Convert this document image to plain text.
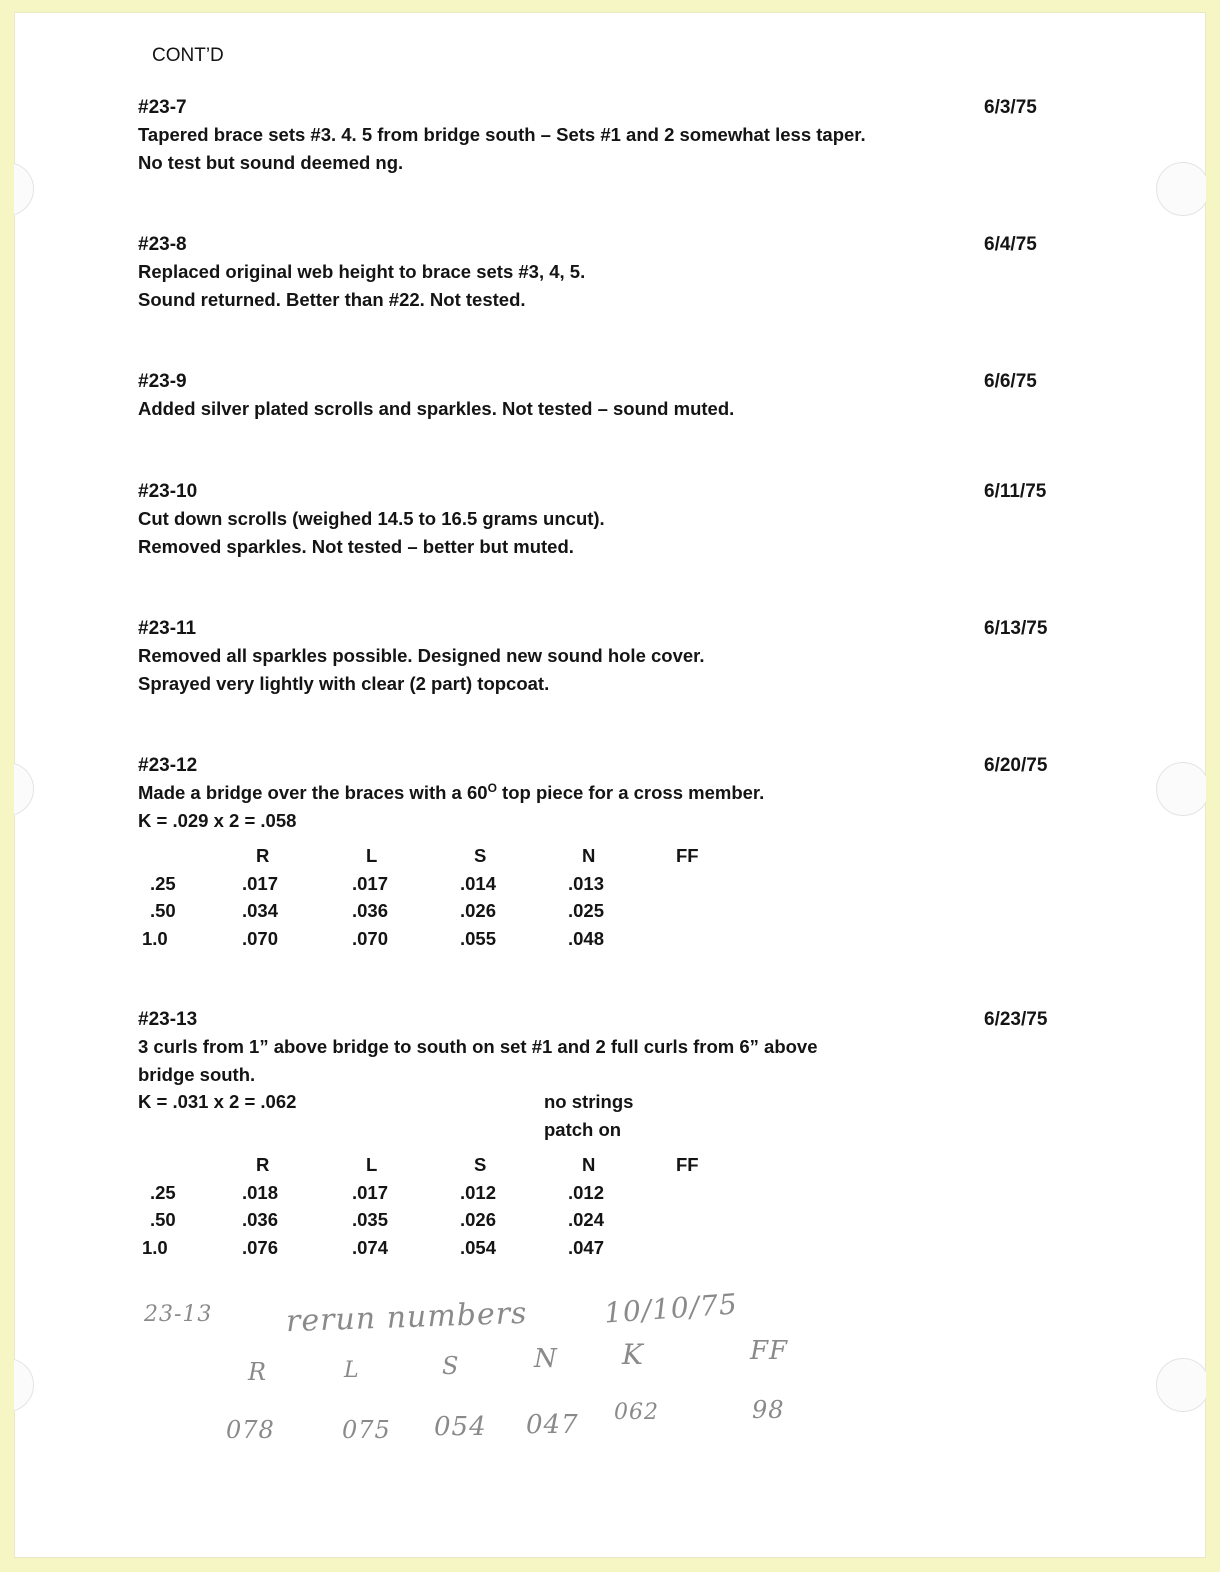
CONT’D
#23-7	6/3/75
Tapered brace sets #3. 4. 5 from bridge south – Sets #1 and 2 somewhat less taper.
No test but sound deemed ng.
#23-8	6/4/75
Replaced original web height to brace sets #3, 4, 5.
Sound returned. Better than #22. Not tested.
#23-9	6/6/75
Added silver plated scrolls and sparkles. Not tested – sound muted.
#23-10	6/11/75
Cut down scrolls (weighed 14.5 to 16.5 grams uncut).
Removed sparkles. Not tested – better but muted.
#23-11	6/13/75
Removed all sparkles possible. Designed new sound hole cover.
Sprayed very lightly with clear (2 part) topcoat.
#23-12	6/20/75
Made a bridge over the braces with a $60^O$ top piece for a cross member.
K = .029 x 2 = .058
	R	L	S	N	FF
.25	.017	.017	.014	.013	
.50	.034	.036	.026	.025	
1.0	.070	.070	.055	.048	
#23-13	6/23/75
3 curls from 1” above bridge to south on set #1 and 2 full curls from 6” above
bridge south.
K = .031 x 2 = .062	no strings
patch on
	R	L	S	N	FF
.25	.018	.017	.012	.012	
.50	.036	.035	.026	.024	
1.0	.076	.074	.054	.047	
23-13 rerun numbers	10/10/75
R	L	S	N K	FF
078	075 054 047 062	98
